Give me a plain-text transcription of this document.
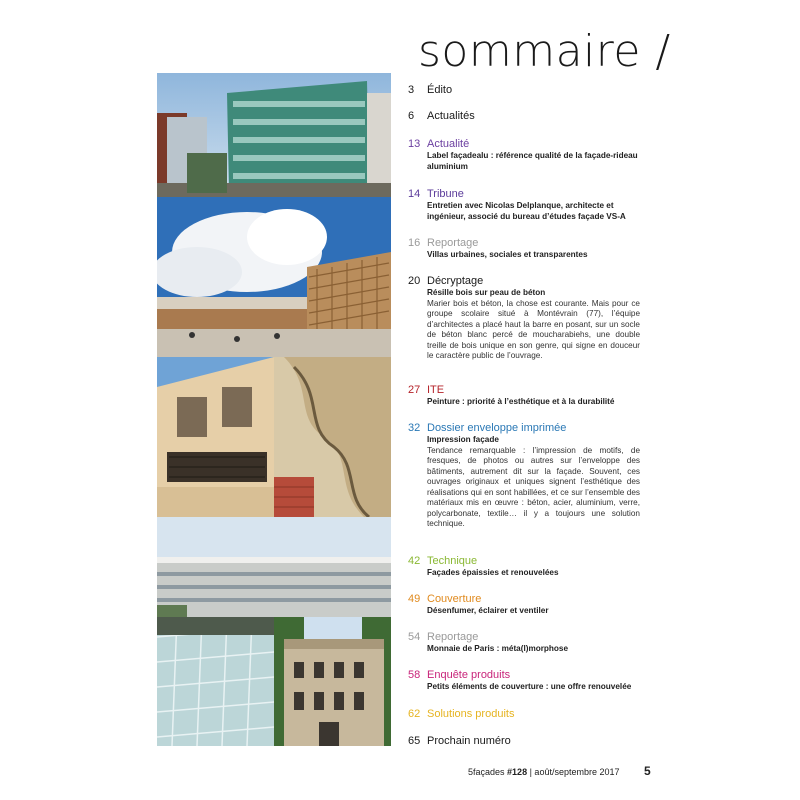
sommaire /
3 Édito
6 Actualités
13 Actualité
Label façadealu : référence qualité de la façade-rideau aluminium
14 Tribune
Entretien avec Nicolas Delplanque, architecte et ingénieur, associé du bureau d’études façade VS-A
16 Reportage
Villas urbaines, sociales et transparentes
20 Décryptage
Résille bois sur peau de béton
Marier bois et béton, la chose est courante. Mais pour ce groupe scolaire situé à Montévrain (77), l’équipe d’architectes a placé haut la barre en posant, sur un socle de béton blanc percé de moucharabiehs, une double treille de bois unique en son genre, qui signe en douceur le caractère public de l’ouvrage.
27 ITE
Peinture : priorité à l’esthétique et à la durabilité
32 Dossier enveloppe imprimée
Impression façade
Tendance remarquable : l’impression de motifs, de fresques, de photos ou autres sur l’enveloppe des bâtiments, autrement dit sur la façade. Souvent, ces ouvrages originaux et uniques signent l’esthétique des réalisations qui en sont habillées, et ce sur l’ensemble des matériaux mis en œuvre : béton, acier, aluminium, verre, polycarbonate, textile… il y a toujours une solution technique.
42 Technique
Façades épaissies et renouvelées
49 Couverture
Désenfumer, éclairer et ventiler
54 Reportage
Monnaie de Paris : méta(l)morphose
58 Enquête produits
Petits éléments de couverture : une offre renouvelée
62 Solutions produits
65 Prochain numéro
5façades #128 | août/septembre 2017 5
